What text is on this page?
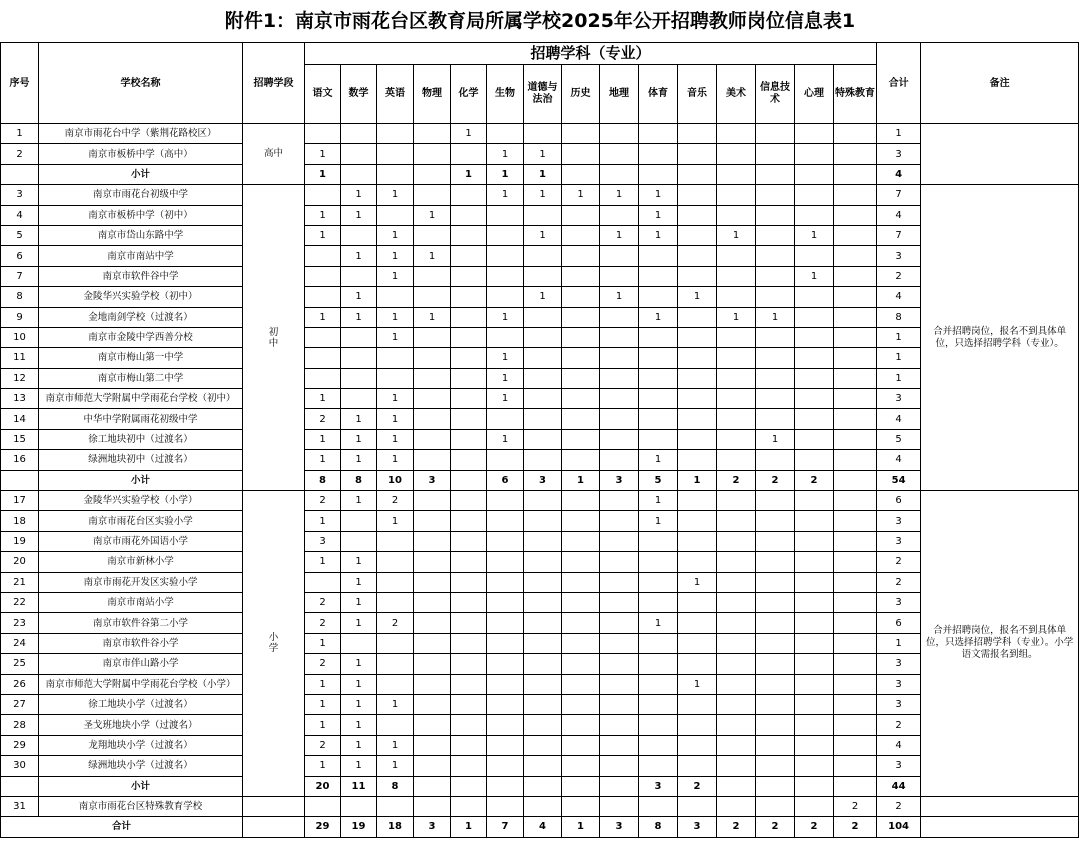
附件1：南京市雨花台区教育局所属学校2025年公开招聘教师岗位信息表1
序号	学校名称	招聘学段	招聘学科（专业）															合计	备注
			语文	数学	英语	物理	化学	生物	道德与法治	历史	地理	体育	音乐	美术	信息技术	心理	特殊教育		
1	南京市雨花台中学（紫荆花路校区）	高中					1											1	
2	南京市板桥中学（高中）		1					1	1									3	
	小计		1				1	1	1									4	
3	南京市雨花台初级中学	初中		1	1			1	1	1	1	1						7	合并招聘岗位，报名不到具体单位，只选择招聘学科（专业）。
4	南京市板桥中学（初中）		1	1		1						1						4	
5	南京市岱山东路中学		1		1				1		1	1		1		1		7	
6	南京市南站中学			1	1	1												3	
7	南京市软件谷中学				1											1		2	
8	金陵华兴实验学校（初中）			1					1		1		1					4	
9	金地南剑学校（过渡名）		1	1	1	1		1				1		1	1			8	
10	南京市金陵中学西善分校				1													1	
11	南京市梅山第一中学							1										1	
12	南京市梅山第二中学							1										1	
13	南京市师范大学附属中学雨花台学校（初中）		1		1			1										3	
14	中华中学附属雨花初级中学		2	1	1													4	
15	徐工地块初中（过渡名）		1	1	1			1							1			5	
16	绿洲地块初中（过渡名）		1	1	1							1						4	
	小计		8	8	10	3		6	3	1	3	5	1	2	2	2		54	
17	金陵华兴实验学校（小学）	小学	2	1	2							1						6	合并招聘岗位，报名不到具体单位，只选择招聘学科（专业）。小学语文需报名到组。
18	南京市雨花台区实验小学		1		1							1						3	
19	南京市雨花外国语小学		3															3	
20	南京市新林小学		1	1														2	
21	南京市雨花开发区实验小学			1									1					2	
22	南京市南站小学		2	1														3	
23	南京市软件谷第二小学		2	1	2							1						6	
24	南京市软件谷小学		1															1	
25	南京市伴山路小学		2	1														3	
26	南京市师范大学附属中学雨花台学校（小学）		1	1									1					3	
27	徐工地块小学（过渡名）		1	1	1													3	
28	圣戈班地块小学（过渡名）		1	1														2	
29	龙翔地块小学（过渡名）		2	1	1													4	
30	绿洲地块小学（过渡名）		1	1	1													3	
	小计		20	11	8							3	2					44	
31	南京市雨花台区特殊教育学校																2	2	
合计			29	19	18	3	1	7	4	1	3	8	3	2	2	2	2	104	
